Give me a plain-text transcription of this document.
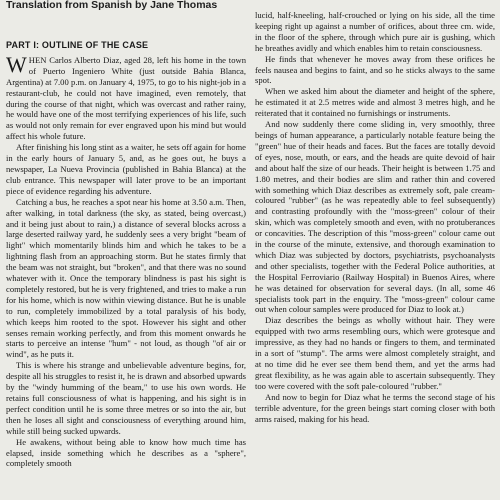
Translation from Spanish by Jane Thomas
PART I: OUTLINE OF THE CASE

WHEN Carlos Alberto Diaz, aged 28, left his home in the town of Puerto Ingeniero White (just outside Bahia Blanca, Argentina) at 7.00 p.m. on January 4, 1975, to go to his night-job in a restaurant-club, he could not have imagined, even remotely, that during the course of that night, which was overcast and rather rainy, he would have one of the most terrifying experiences of his life, such as would not only remain for ever engraved upon his mind but would affect his whole future.

After finishing his long stint as a waiter, he sets off again for home in the early hours of January 5, and, as he goes out, he buys a newspaper, La Nueva Provincia (published in Bahia Blanca) at the club entrance. This newspaper will later prove to be an important piece of evidence regarding his adventure.

Catching a bus, he reaches a spot near his home at 3.50 a.m. Then, after walking, in total darkness (the sky, as stated, being overcast,) and it being just about to rain,) a distance of several blocks across a large deserted railway yard, he suddenly sees a very bright "beam of light" which momentarily blinds him and which he takes to be a lightning flash from an approaching storm. But he states firmly that the beam was not straight, but "broken", and that there was no sound whatever with it. Once the temporary blindness is past his sight is completely restored, but he is very frightened, and tries to make a run for his home, which is now within viewing distance. But he is unable to run, completely immobilized by a total paralysis of his body, which keeps him rooted to the spot. However his sight and other senses remain working perfectly, and from this moment onwards he starts to perceive an intense "hum" - not loud, as though "of air or wind", as he puts it.

This is where his strange and unbelievable adventure begins, for, despite all his struggles to resist it, he is drawn and absorbed upwards by the "windy humming of the beam," to use his own words. He retains full consciousness of what is happening, and his sight is in perfect condition until he is some three metres or so into the air, but then he loses all sight and consciousness of everything around him, while still being sucked upwards.

He awakens, without being able to know how much time has elapsed, inside something which he describes as a "sphere", completely smooth

lucid, half-kneeling, half-crouched or lying on his side, all the time keeping right up against a number of orifices, about three cm. wide, in the floor of the sphere, through which pure air is gushing, which he breathes avidly and which enables him to retain consciousness.

He finds that whenever he moves away from these orifices he feels nausea and begins to faint, and so he sticks always to the same spot.

When we asked him about the diameter and height of the sphere, he estimated it at 2.5 metres wide and almost 3 metres high, and he reiterated that it contained no furnishings or instruments.

And now suddenly there come sliding in, very smoothly, three beings of human appearance, a particularly notable feature being the "green" hue of their heads and faces. But the faces are totally devoid of eyes, nose, mouth, or ears, and the heads are quite devoid of hair and about half the size of our heads. Their height is between 1.75 and 1.80 metres, and their bodies are slim and rather thin and covered with something which Diaz describes as extremely soft, pale cream-coloured "rubber" (as he was repeatedly able to feel subsequently) and contrasting profoundly with the "moss-green" colour of their skin, which was completely smooth and even, with no protuberances or concavities. The description of this "moss-green" colour came out in the course of the minute, extensive, and thorough examination to which Diaz was subjected by doctors, psychiatrists, psychoanalysts and other specialists, together with the Federal Police authorities, at the Hospital Ferroviario (Railway Hospital) in Buenos Aires, where he was detained for observation for several days. (In all, some 46 specialists took part in the enquiry. The "moss-green" colour came out when colour samples were produced for Diaz to look at.)

Diaz describes the beings as wholly without hair. They were equipped with two arms resembling ours, which were grotesque and impressive, as they had no hands or fingers to them, and terminated in a sort of "stump". The arms were almost completely straight, and at no time did he ever see them bend them, and yet the arms had great flexibility, as he was again able to ascertain subsequently. They too were covered with the soft pale-coloured "rubber."

And now to begin for Diaz what he terms the second stage of his terrible adventure, for the green beings start coming closer with both arms raised, making for his head.
